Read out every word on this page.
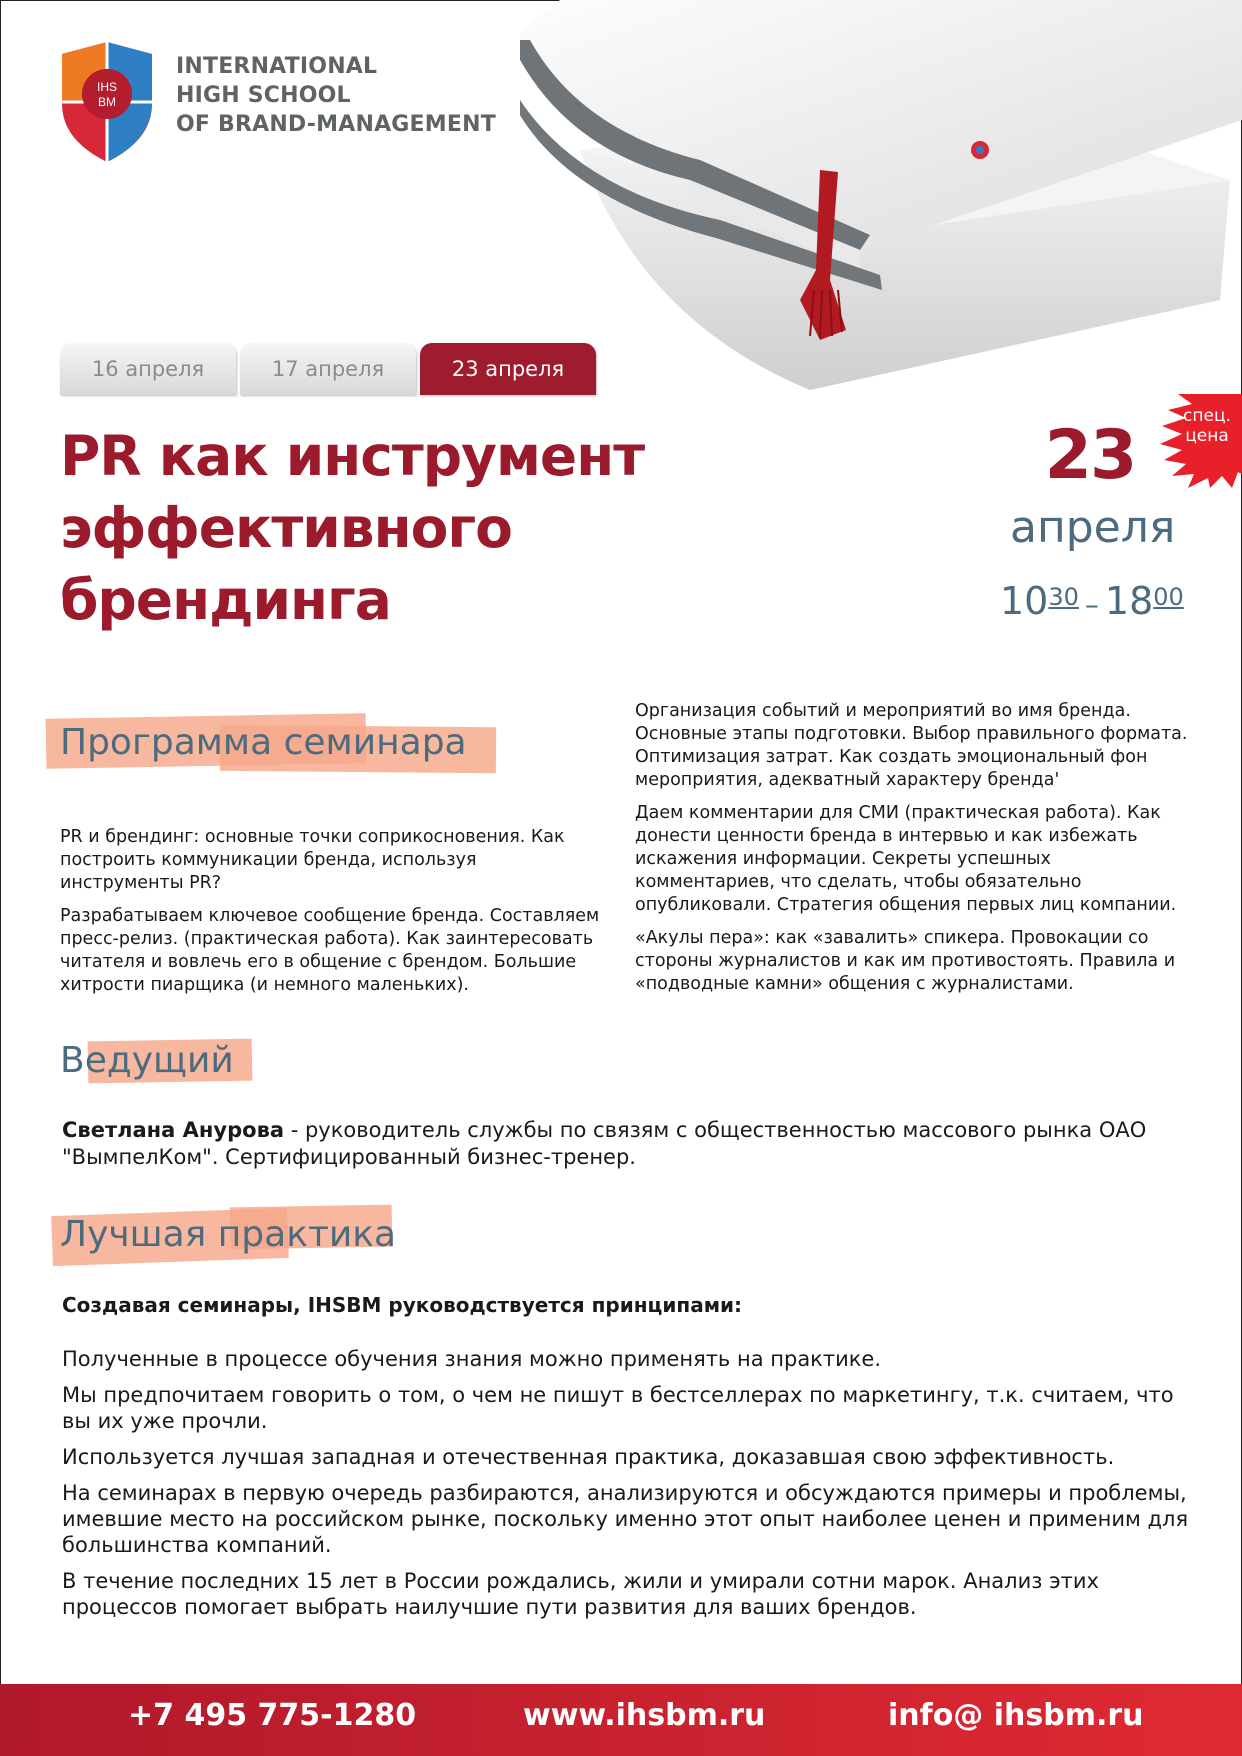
IHS
BM
INTERNATIONAL
HIGH SCHOOL
OF BRAND-MANAGEMENT
16 апреля	17 апреля	23 апреля
PR как инструмент
эффективного брендинга
23
апреля
$10^{30} - 18^{00}$
спец.
цена
Программа семинара

PR и брендинг: основные точки соприкосновения. Как построить коммуникации бренда, используя инструменты PR?

Разрабатываем ключевое сообщение бренда. Составляем пресс-релиз. (практическая работа). Как заинтересовать читателя и вовлечь его в общение с брендом. Большие хитрости пиарщика (и немного маленьких).

Организация событий и мероприятий во имя бренда. Основные этапы подготовки. Выбор правильного формата. Оптимизация затрат. Как создать эмоциональный фон мероприятия, адекватный характеру бренда'

Даем комментарии для СМИ (практическая работа). Как донести ценности бренда в интервью и как избежать искажения информации. Секреты успешных комментариев, что сделать, чтобы обязательно опубликовали. Стратегия общения первых лиц компании.

«Акулы пера»: как «завалить» спикера. Провокации со стороны журналистов и как им противостоять. Правила и «подводные камни» общения с журналистами.

Ведущий

Светлана Анурова - руководитель службы по связям с общественностью массового рынка ОАО "ВымпелКом". Сертифицированный бизнес-тренер.

Лучшая практика

Создавая семинары, IHSBM руководствуется принципами:

Полученные в процессе обучения знания можно применять на практике.

Мы предпочитаем говорить о том, о чем не пишут в бестселлерах по маркетингу, т.к. считаем, что вы их уже прочли.

Используется лучшая западная и отечественная практика, доказавшая свою эффективность.

На семинарах в первую очередь разбираются, анализируются и обсуждаются примеры и проблемы, имевшие место на российском рынке, поскольку именно этот опыт наиболее ценен и применим для большинства компаний.

В течение последних 15 лет в России рождались, жили и умирали сотни марок. Анализ этих процессов помогает выбрать наилучшие пути развития для ваших брендов.

+7 495 775-1280	www.ihsbm.ru	info@ ihsbm.ru
